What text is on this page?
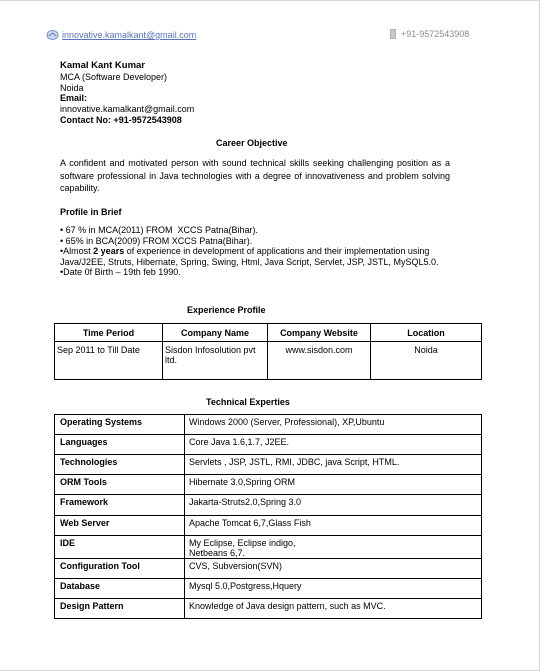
innovative.kamalkant@gmail.com	+91-9572543908
Kamal Kant Kumar
MCA (Software Developer)
Noida
Email:
innovative.kamalkant@gmail.com
Contact No: +91-9572543908
Career Objective
A confident and motivated person with sound technical skills seeking challenging position as a software professional in Java technologies with a degree of innovativeness and problem solving capability.
Profile in Brief
• 67 % in MCA(2011) FROM  XCCS Patna(Bihar).
• 65% in BCA(2009) FROM XCCS Patna(Bihar).
•Almost 2 years of experience in development of applications and their implementation using Java/J2EE, Struts, Hibernate, Spring, Swing, Html, Java Script, Servlet, JSP, JSTL, MySQL5.0.
•Date 0f Birth – 19th feb 1990.
Experience Profile
Time Period	Company Name	Company Website	Location
Sep 2011 to Till Date	Sisdon Infosolution pvt ltd.	www.sisdon.com	Noida
Technical Experties
Operating Systems	Windows 2000 (Server, Professional), XP,Ubuntu
Languages	Core Java 1.6,1.7, J2EE.
Technologies	Servlets , JSP, JSTL, RMI, JDBC, java Script, HTML.
ORM Tools	Hibernate 3.0,Spring ORM
Framework	Jakarta-Struts2.0,Spring 3.0
Web Server	Apache Tomcat 6,7,Glass Fish
IDE	My Eclipse, Eclipse indigo,
Netbeans 6,7.
Configuration Tool	CVS, Subversion(SVN)
Database	Mysql 5.0,Postgress,Hquery
Design Pattern	Knowledge of Java design pattern, such as MVC.
